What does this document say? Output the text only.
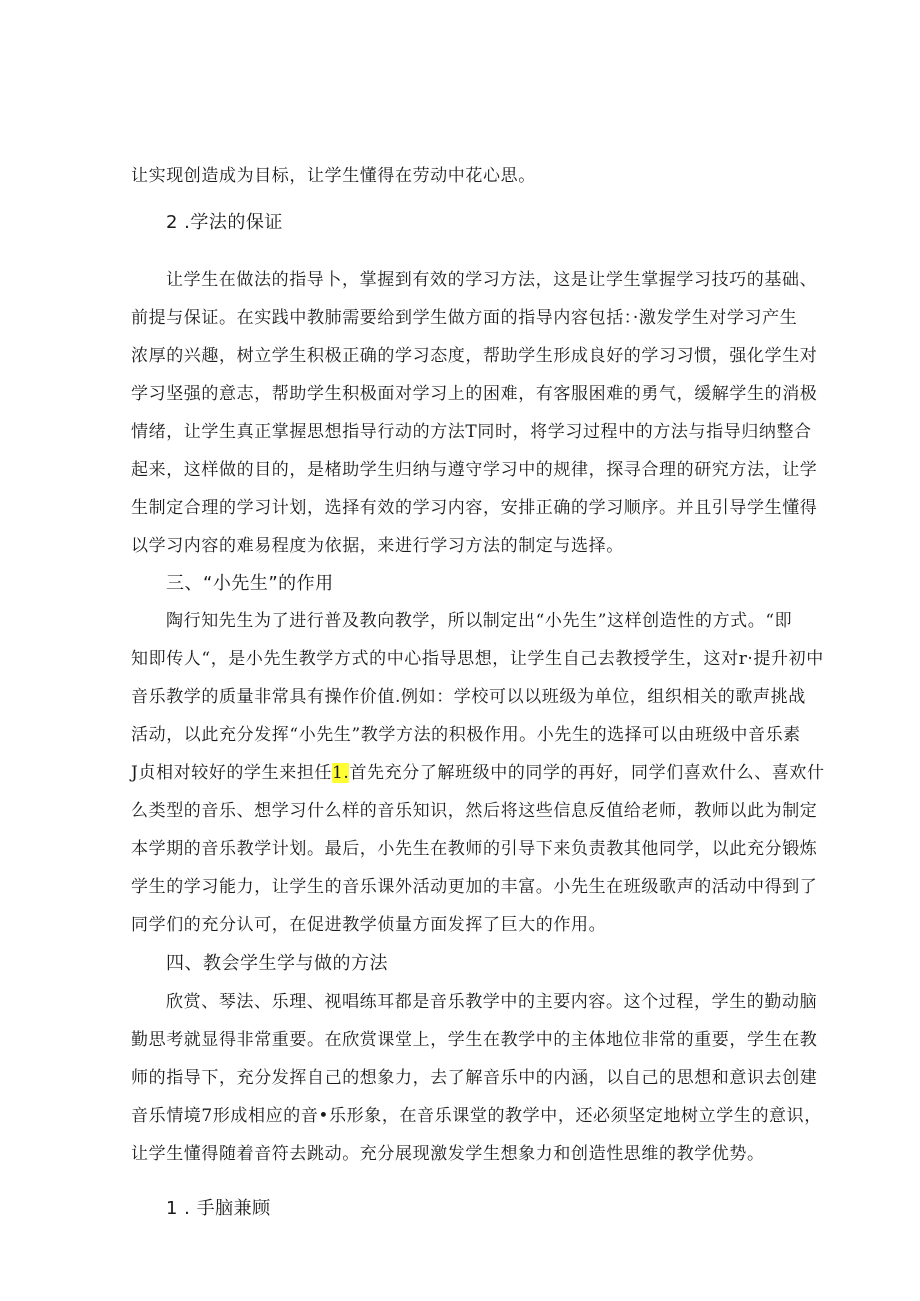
让实现创造成为目标，让学生懂得在劳动中花心思。
2 .学法的保证
让学生在做法的指导卜，掌握到有效的学习方法，这是让学生掌握学习技巧的基础、
前提与保证。在实践中教肺需要给到学生做方面的指导内容包括：·激发学生对学习产生
浓厚的兴趣，树立学生积极正确的学习态度，帮助学生形成良好的学习习惯，强化学生对
学习坚强的意志，帮助学生积极面对学习上的困难，有客服困难的勇气，缓解学生的消极
情绪，让学生真正掌握思想指导行动的方法T同时，将学习过程中的方法与指导归纳整合
起来，这样做的目的，是楮助学生归纳与遵守学习中的规律，探寻合理的研究方法，让学
生制定合理的学习计划，选择有效的学习内容，安排正确的学习顺序。并且引导学生懂得
以学习内容的难易程度为依据，来进行学习方法的制定与选择。
三、“小先生”的作用
陶行知先生为了进行普及教向教学，所以制定出“小先生”这样创造性的方式。“即
知即传人“，是小先生教学方式的中心指导思想，让学生自己去教授学生，这对r·提升初中
音乐教学的质量非常具有操作价值.例如：学校可以以班级为单位，组织相关的歌声挑战
活动，以此充分发挥“小先生”教学方法的积极作用。小先生的选择可以由班级中音乐素
J贞相对较好的学生来担任1.首先充分了解班级中的同学的再好，同学们喜欢什么、喜欢什
么类型的音乐、想学习什么样的音乐知识，然后将这些信息反值给老师，教师以此为制定
本学期的音乐教学计划。最后，小先生在教师的引导下来负责教其他同学，以此充分锻炼
学生的学习能力，让学生的音乐课外活动更加的丰富。小先生在班级歌声的活动中得到了
同学们的充分认可，在促进教学侦量方面发挥了巨大的作用。
四、教会学生学与做的方法
欣赏、琴法、乐理、视唱练耳都是音乐教学中的主要内容。这个过程，学生的勤动脑
勤思考就显得非常重要。在欣赏课堂上，学生在教学中的主体地位非常的重要，学生在教
师的指导下，充分发挥自己的想象力，去了解音乐中的内涵，以自己的思想和意识去创建
音乐情境7形成相应的音•乐形象，在音乐课堂的教学中，还必须坚定地树立学生的意识，
让学生懂得随着音符去跳动。充分展现激发学生想象力和创造性思维的教学优势。
1 . 手脑兼顾
